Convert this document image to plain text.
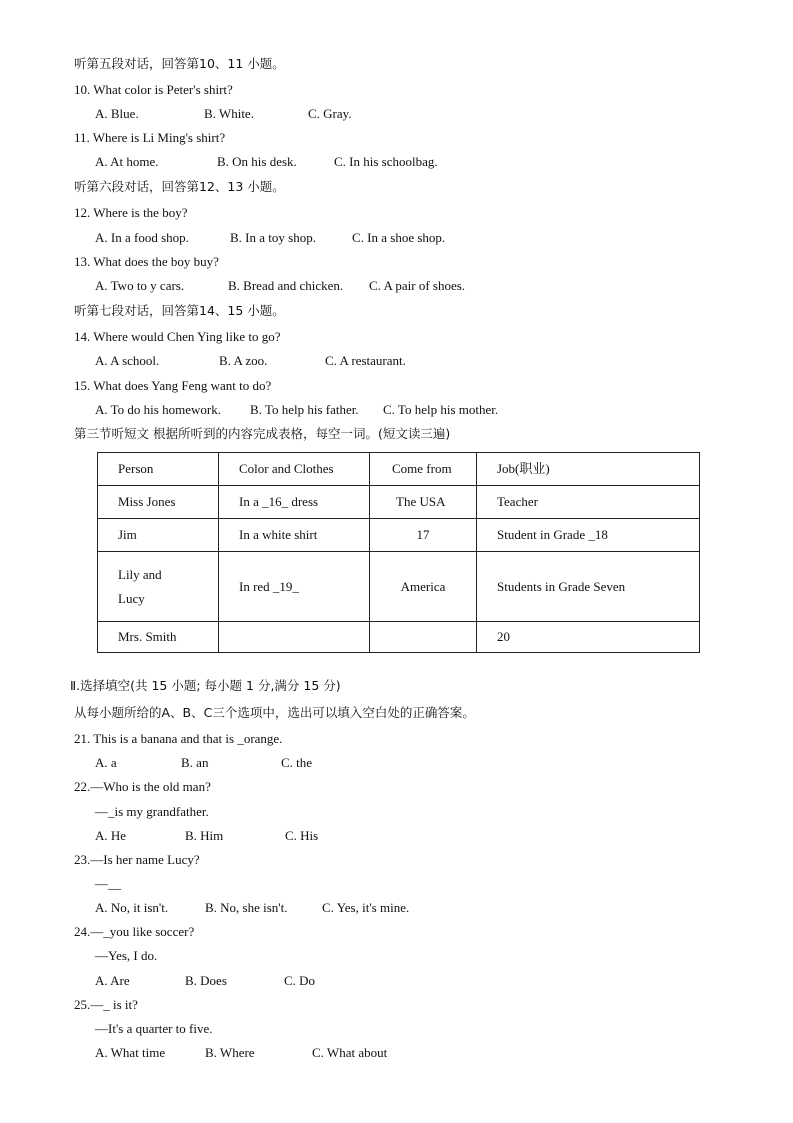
听第五段对话，回答第10、11 小题。
10. What color is Peter's shirt?
A. Blue.	B. White.	C. Gray.
11. Where is Li Ming's shirt?
A. At home.	B. On his desk.	C. In his schoolbag.
听第六段对话，回答第12、13 小题。
12. Where is the boy?
A. In a food shop.	B. In a toy shop.	C. In a shoe shop.
13. What does the boy buy?
A. Two to y cars.	B. Bread and chicken. C. A pair of shoes.
听第七段对话，回答第14、15 小题。
14. Where would Chen Ying like to go?
A. A school.	B. A zoo.	C. A restaurant.
15. What does Yang Feng want to do?
A. To do his homework. B. To help his father. C. To help his mother.
第三节听短文 根据所听到的内容完成表格，每空一词。(短文读三遍)
Person	Color and Clothes	Come from	Job(职业)
Miss Jones	In a _16_ dress	The USA	Teacher
Jim	In a white shirt	17	Student in Grade _18

Lily and
Lucy	In red _19_	America	Students in Grade Seven
Mrs. Smith			20
Ⅱ.选择填空(共 15 小题; 每小题 1 分,满分 15 分)
从每小题所给的A、B、C三个选项中，选出可以填入空白处的正确答案。
21. This is a banana and that is _orange.
A. a	B. an	C. the
22.—Who is the old man?
—_is my grandfather.
A. He	B. Him	C. His
23.—Is her name Lucy?
—__
A. No, it isn't.	B. No, she isn't.	C. Yes, it's mine.
24.—_you like soccer?
—Yes, I do.
A. Are	B. Does	C. Do
25.—_ is it?
—It's a quarter to five.
A. What time	B. Where	C. What about
